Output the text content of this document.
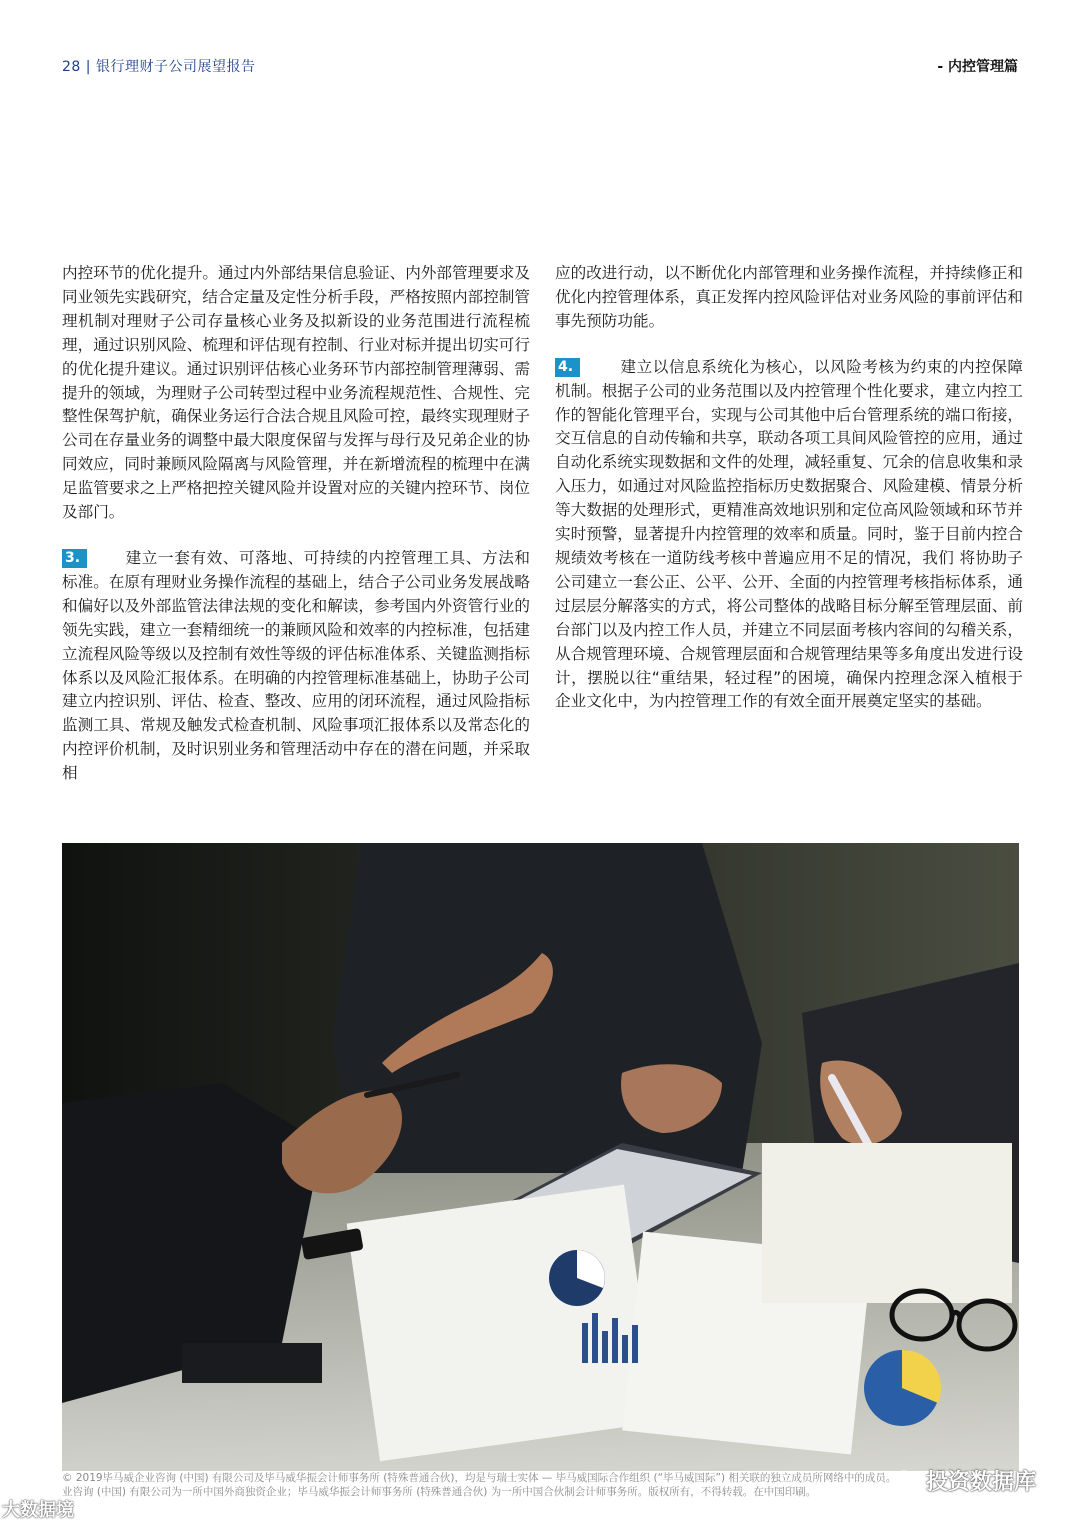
28 | 银行理财子公司展望报告	- 内控管理篇

内控环节的优化提升。通过内外部结果信息验证、内外部管理要求及同业领先实践研究，结合定量及定性分析手段，严格按照内部控制管理机制对理财子公司存量核心业务及拟新设的业务范围进行流程梳理，通过识别风险、梳理和评估现有控制、行业对标并提出切实可行的优化提升建议。通过识别评估核心业务环节内部控制管理薄弱、需提升的领域，为理财子公司转型过程中业务流程规范性、合规性、完整性保驾护航，确保业务运行合法合规且风险可控，最终实现理财子公司在存量业务的调整中最大限度保留与发挥与母行及兄弟企业的协同效应，同时兼顾风险隔离与风险管理，并在新增流程的梳理中在满足监管要求之上严格把控关键风险并设置对应的关键内控环节、岗位及部门。

3.	建立一套有效、可落地、可持续的内控管理工具、方法和标准。在原有理财业务操作流程的基础上，结合子公司业务发展战略和偏好以及外部监管法律法规的变化和解读，参考国内外资管行业的领先实践，建立一套精细统一的兼顾风险和效率的内控标准，包括建立流程风险等级以及控制有效性等级的评估标准体系、关键监测指标体系以及风险汇报体系。在明确的内控管理标准基础上，协助子公司建立内控识别、评估、检查、整改、应用的闭环流程，通过风险指标监测工具、常规及触发式检查机制、风险事项汇报体系以及常态化的内控评价机制，及时识别业务和管理活动中存在的潜在问题，并采取相

应的改进行动，以不断优化内部管理和业务操作流程，并持续修正和优化内控管理体系，真正发挥内控风险评估对业务风险的事前评估和事先预防功能。

4.	建立以信息系统化为核心，以风险考核为约束的内控保障机制。根据子公司的业务范围以及内控管理个性化要求，建立内控工作的智能化管理平台，实现与公司其他中后台管理系统的端口衔接，交互信息的自动传输和共享，联动各项工具间风险管控的应用，通过自动化系统实现数据和文件的处理，减轻重复、冗余的信息收集和录入压力，如通过对风险监控指标历史数据聚合、风险建模、情景分析等大数据的处理形式，更精准高效地识别和定位高风险领域和环节并实时预警，显著提升内控管理的效率和质量。同时，鉴于目前内控合规绩效考核在一道防线考核中普遍应用不足的情况，我们 将协助子公司建立一套公正、公平、公开、全面的内控管理考核指标体系，通过层层分解落实的方式，将公司整体的战略目标分解至管理层面、前台部门以及内控工作人员，并建立不同层面考核内容间的勾稽关系，从合规管理环境、合规管理层面和合规管理结果等多角度出发进行设计，摆脱以往“重结果，轻过程”的困境，确保内控理念深入植根于企业文化中，为内控管理工作的有效全面开展奠定坚实的基础。

© 2019毕马威企业咨询 (中国) 有限公司及毕马威华振会计师事务所 (特殊普通合伙)，均是与瑞士实体 — 毕马威国际合作组织 (“毕马威国际”) 相关联的独立成员所网络中的成员。

业咨询 (中国) 有限公司为一所中国外商独资企业；毕马威华振会计师事务所 (特殊普通合伙) 为一所中国合伙制会计师事务所。版权所有，不得转载。在中国印刷。

大数据境
投资数据库
